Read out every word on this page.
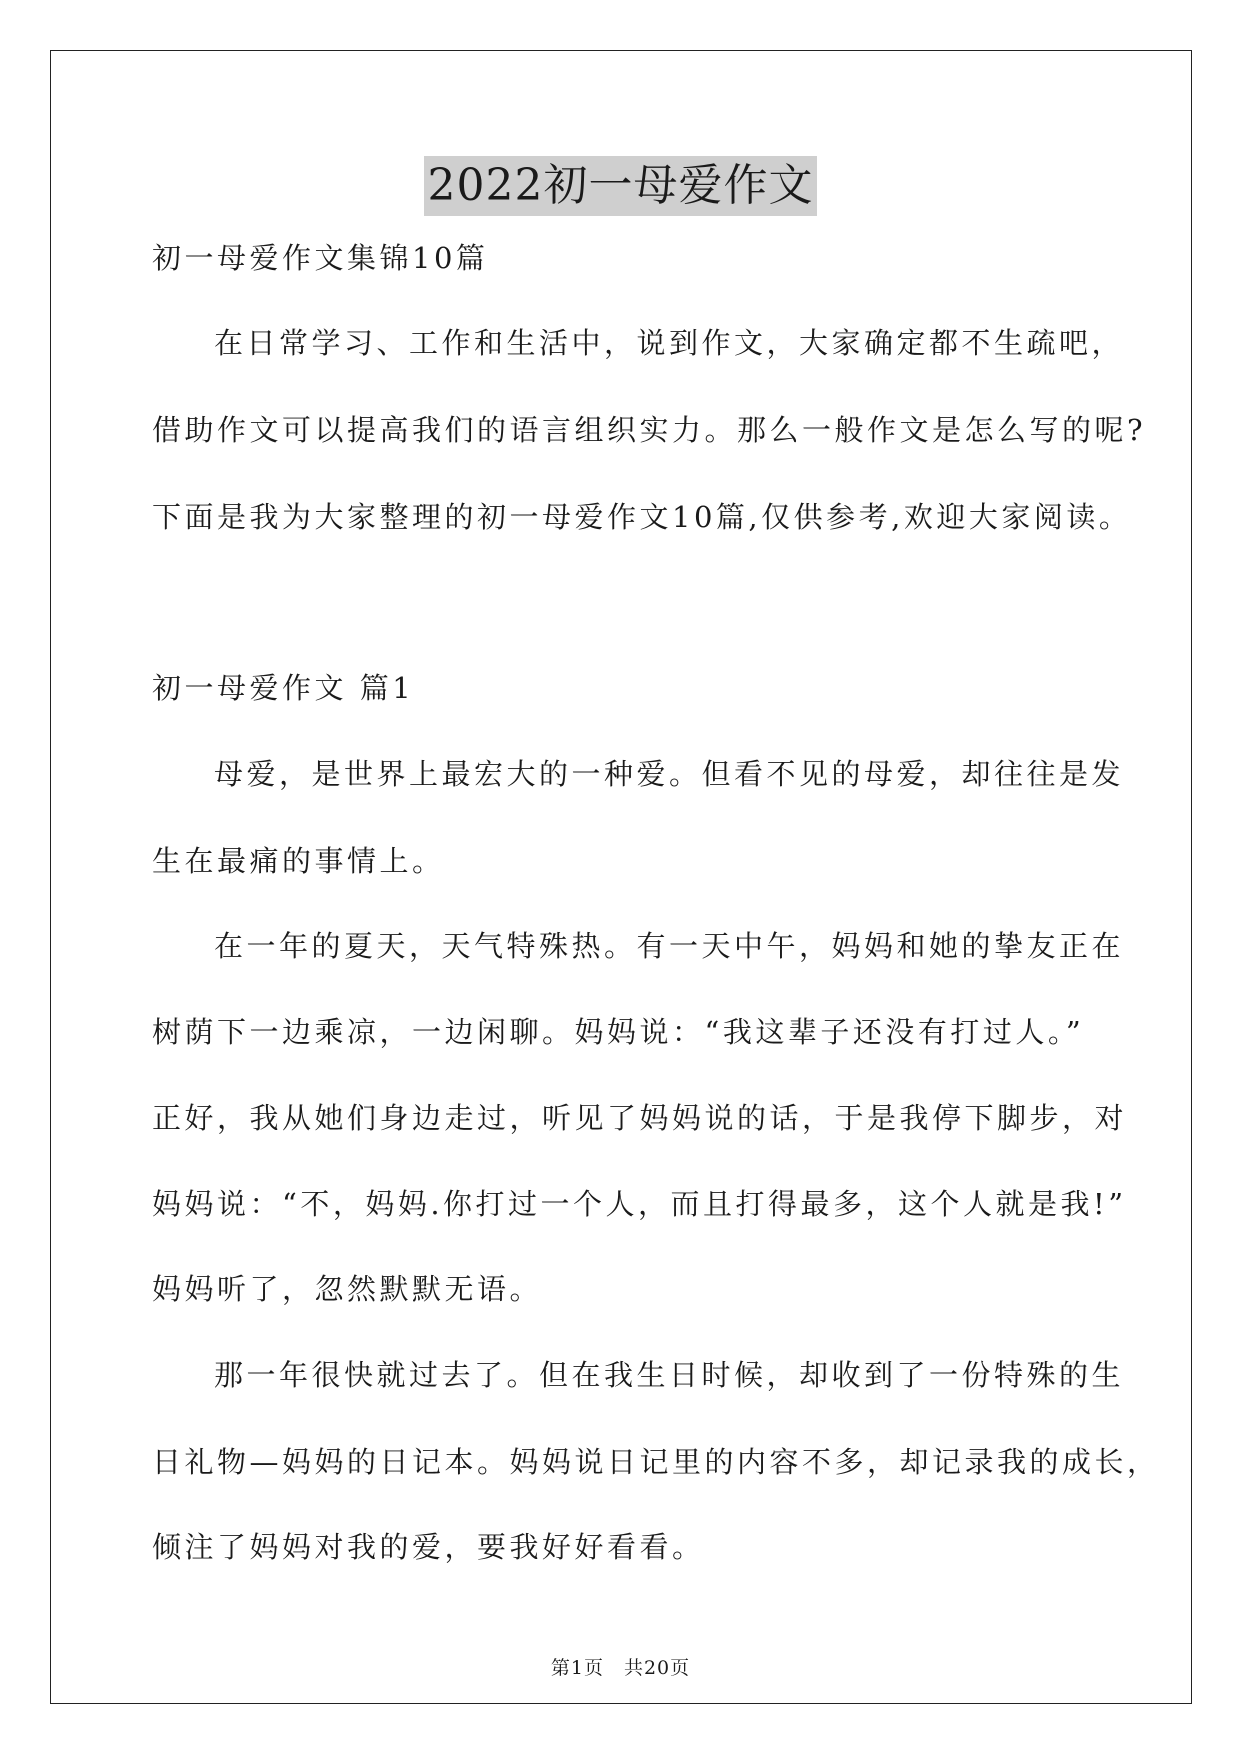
2022初一母爱作文

初一母爱作文集锦10篇

在日常学习、工作和生活中，说到作文，大家确定都不生疏吧，

借助作文可以提高我们的语言组织实力。那么一般作文是怎么写的呢?

下面是我为大家整理的初一母爱作文10篇,仅供参考,欢迎大家阅读。

初一母爱作文 篇1

母爱，是世界上最宏大的一种爱。但看不见的母爱，却往往是发

生在最痛的事情上。

在一年的夏天，天气特殊热。有一天中午，妈妈和她的挚友正在

树荫下一边乘凉，一边闲聊。妈妈说：“我这辈子还没有打过人。”

正好，我从她们身边走过，听见了妈妈说的话，于是我停下脚步，对

妈妈说：“不，妈妈.你打过一个人，而且打得最多，这个人就是我!”

妈妈听了，忽然默默无语。

那一年很快就过去了。但在我生日时候，却收到了一份特殊的生

日礼物—妈妈的日记本。妈妈说日记里的内容不多，却记录我的成长，

倾注了妈妈对我的爱，要我好好看看。

第1页　共20页
